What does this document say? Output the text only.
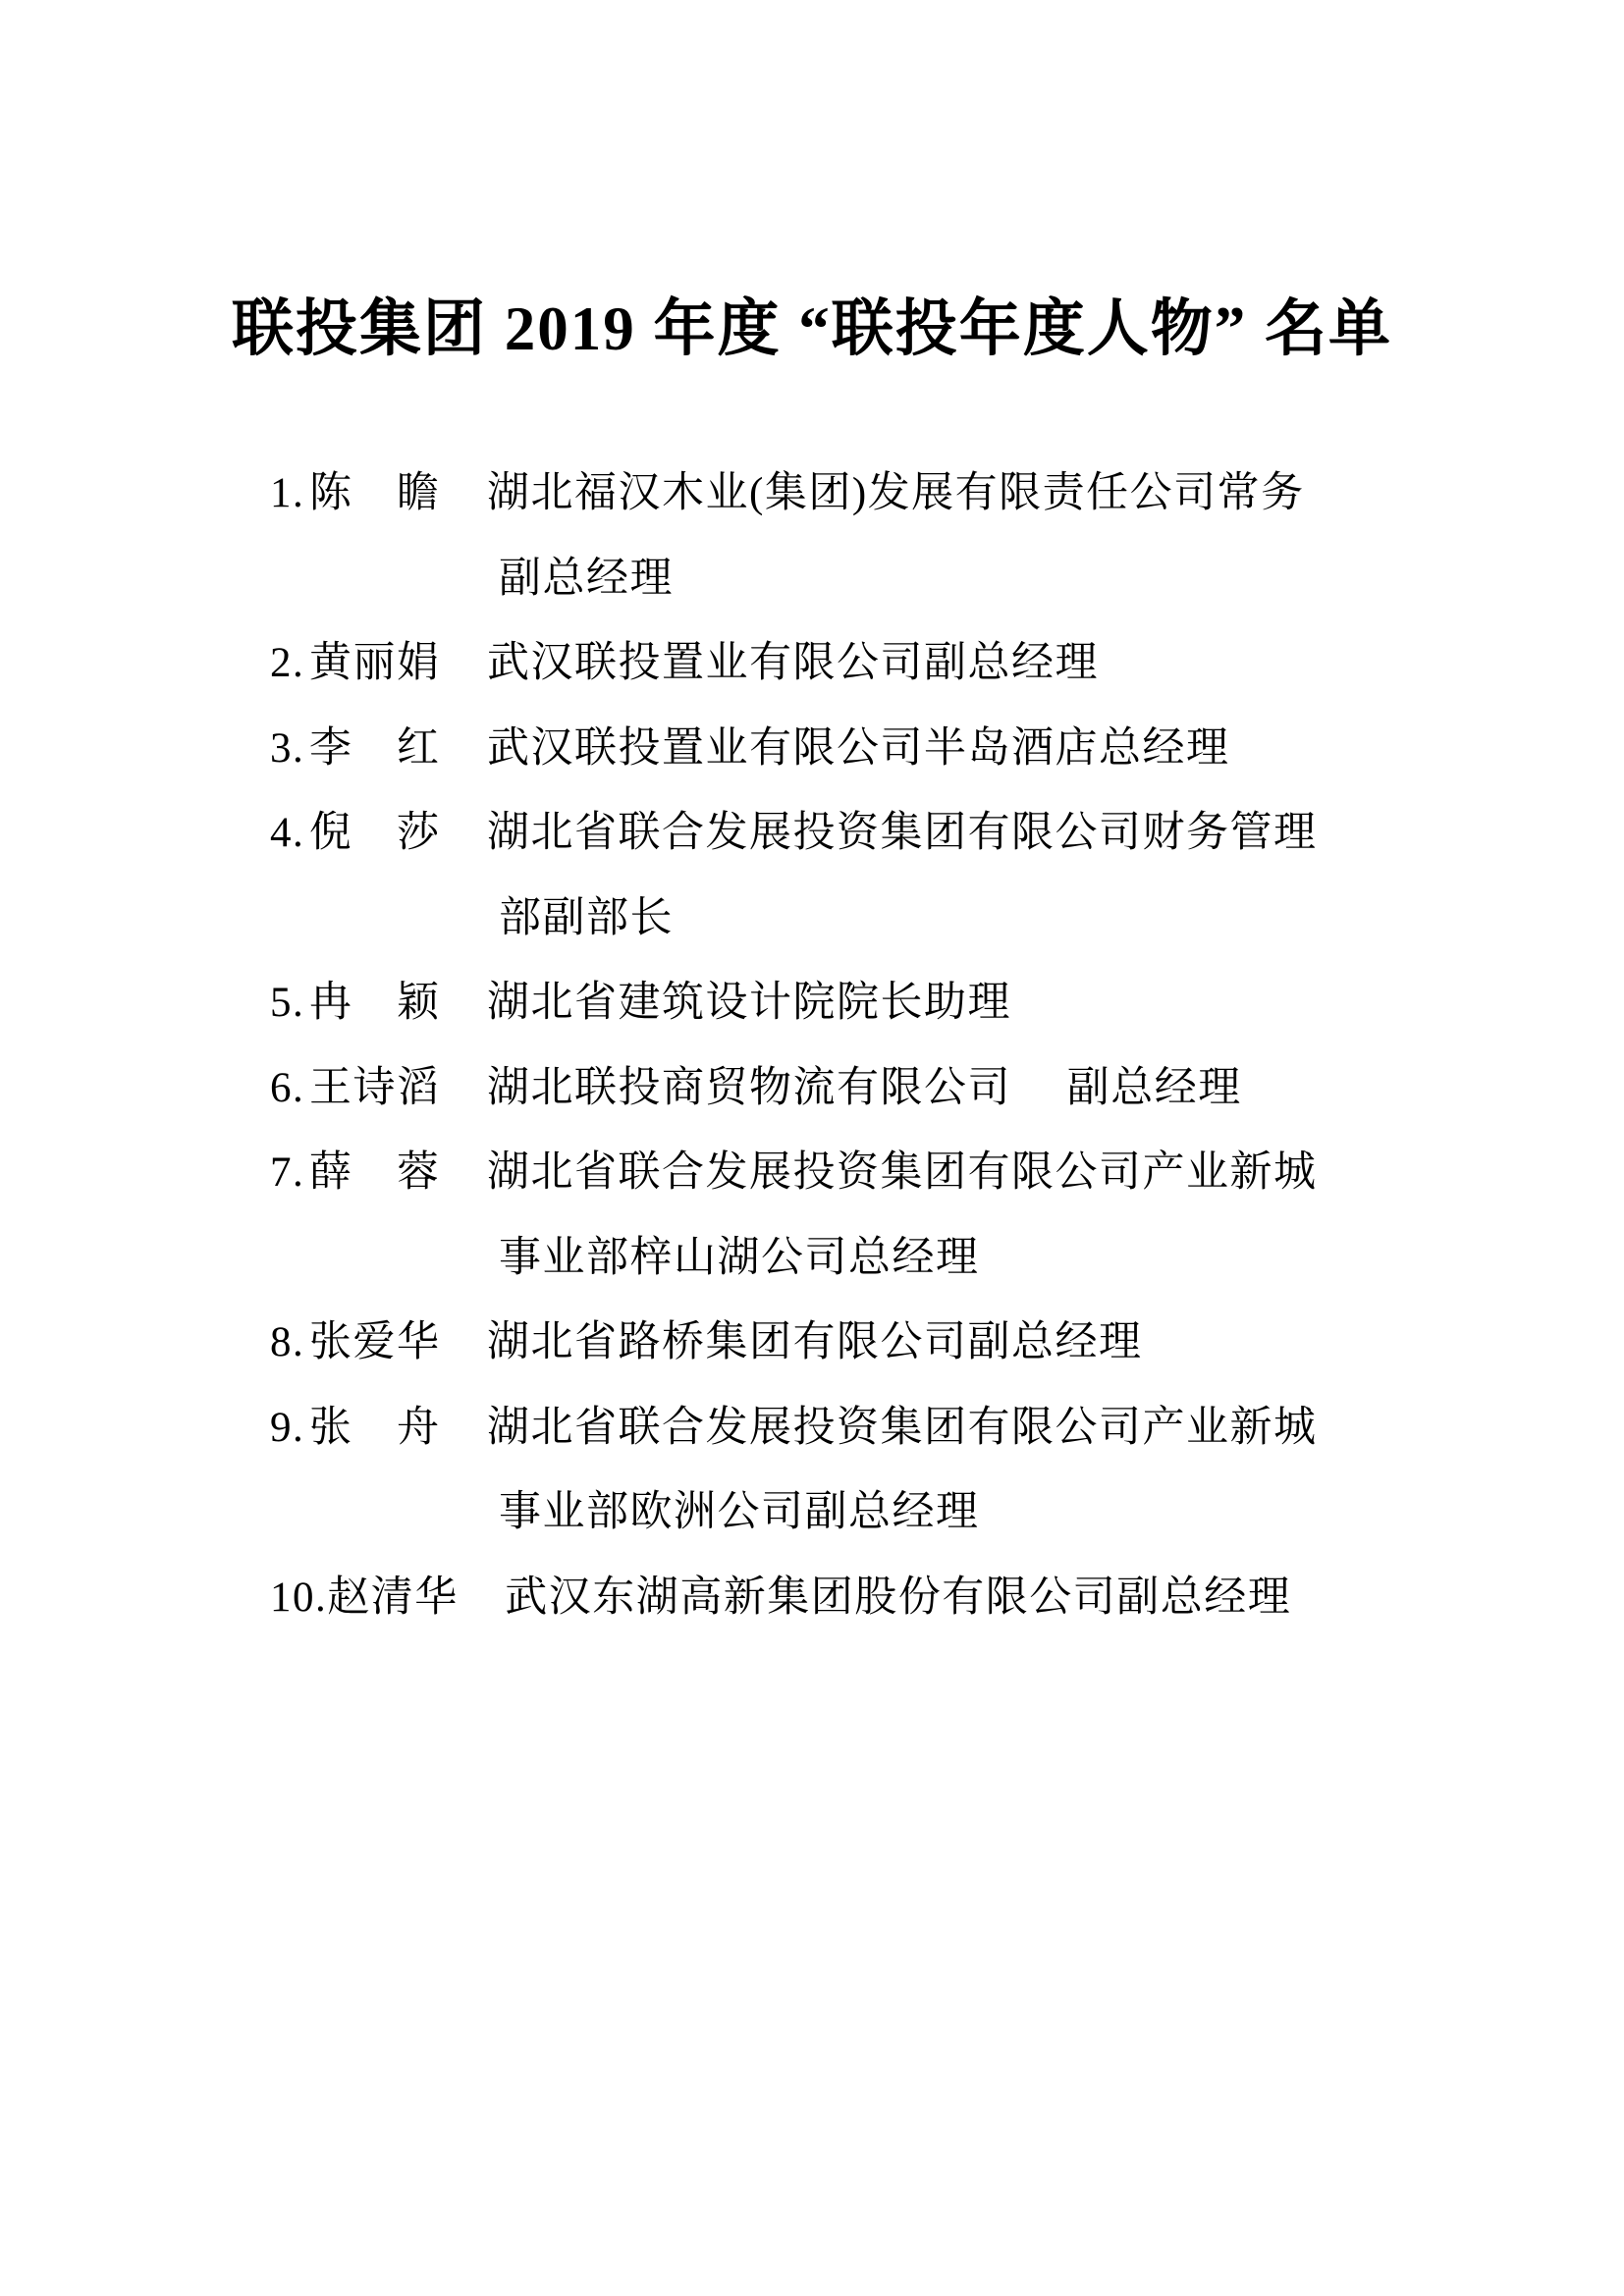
联投集团 2019 年度 “联投年度人物” 名单
1. 陈　瞻 湖北福汉木业(集团)发展有限责任公司常务
副总经理
2. 黄丽娟 武汉联投置业有限公司副总经理
3. 李　红 武汉联投置业有限公司半岛酒店总经理
4. 倪　莎 湖北省联合发展投资集团有限公司财务管理
部副部长
5. 冉　颖 湖北省建筑设计院院长助理
6. 王诗滔 湖北联投商贸物流有限公司　 副总经理
7. 薛　蓉 湖北省联合发展投资集团有限公司产业新城
事业部梓山湖公司总经理
8. 张爱华 湖北省路桥集团有限公司副总经理
9. 张　舟 湖北省联合发展投资集团有限公司产业新城
事业部欧洲公司副总经理
10.赵清华 武汉东湖高新集团股份有限公司副总经理
